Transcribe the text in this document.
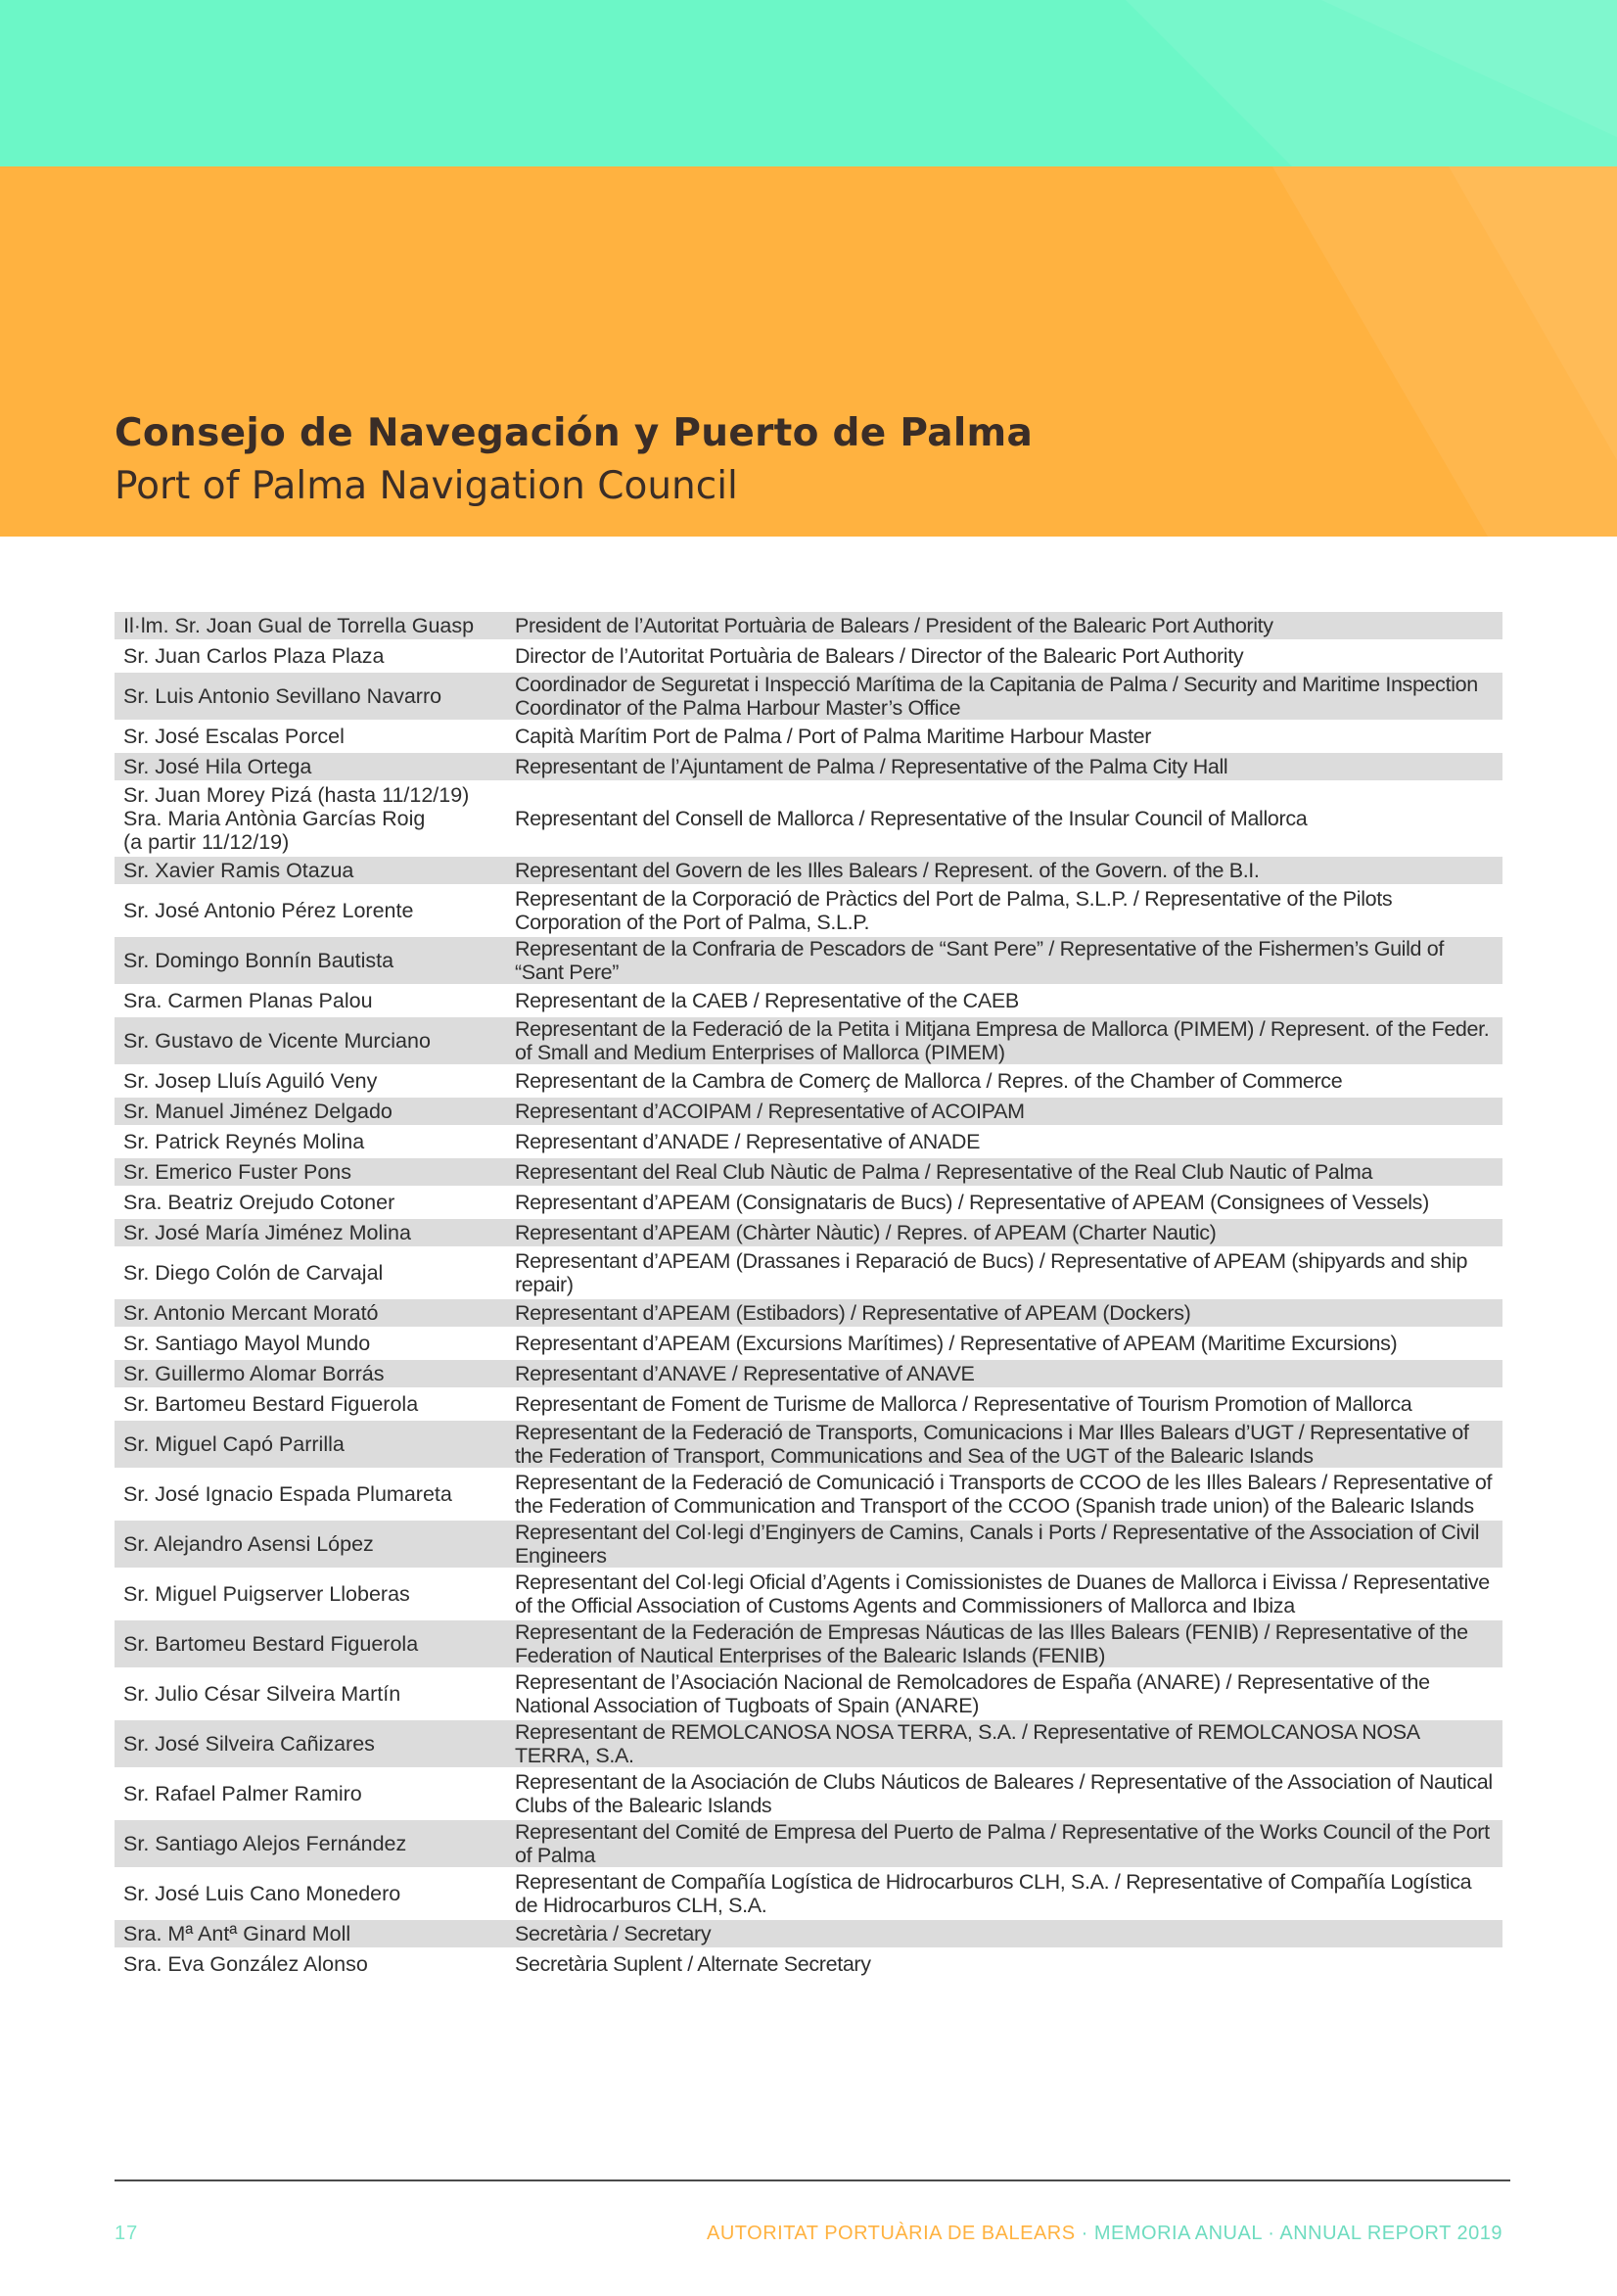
Consejo de Navegación y Puerto de Palma
Port of Palma Navigation Council
Il·lm. Sr. Joan Gual de Torrella Guasp	President de l’Autoritat Portuària de Balears / President of the Balearic Port Authority
Sr. Juan Carlos Plaza Plaza	Director de l’Autoritat Portuària de Balears / Director of the Balearic Port Authority
Sr. Luis Antonio Sevillano Navarro	Coordinador de Seguretat i Inspecció Marítima de la Capitania de Palma / Security and Maritime Inspection Coordinator of the Palma Harbour Master’s Office
Sr. José Escalas Porcel	Capità Marítim Port de Palma / Port of Palma Maritime Harbour Master
Sr. José Hila Ortega	Representant de l’Ajuntament de Palma / Representative of the Palma City Hall
Sr. Juan Morey Pizá (hasta 11/12/19)
Sra. Maria Antònia Garcías Roig
(a partir 11/12/19)	Representant del Consell de Mallorca / Representative of the Insular Council of Mallorca
Sr. Xavier Ramis Otazua	Representant del Govern de les Illes Balears / Represent. of the Govern. of the B.I.
Sr. José Antonio Pérez Lorente	Representant de la Corporació de Pràctics del Port de Palma, S.L.P. / Representative of the Pilots Corporation of the Port of Palma, S.L.P.
Sr. Domingo Bonnín Bautista	Representant de la Confraria de Pescadors de “Sant Pere” / Representative of the Fishermen’s Guild of “Sant Pere”
Sra. Carmen Planas Palou	Representant de la CAEB / Representative of the CAEB
Sr. Gustavo de Vicente Murciano	Representant de la Federació de la Petita i Mitjana Empresa de Mallorca (PIMEM) / Represent. of the Feder. of Small and Medium Enterprises of Mallorca (PIMEM)
Sr. Josep Lluís Aguiló Veny	Representant de la Cambra de Comerç de Mallorca / Repres. of the Chamber of Commerce
Sr. Manuel Jiménez Delgado	Representant d’ACOIPAM / Representative of ACOIPAM
Sr. Patrick Reynés Molina	Representant d’ANADE / Representative of ANADE
Sr. Emerico Fuster Pons	Representant del Real Club Nàutic de Palma / Representative of the Real Club Nautic of Palma
Sra. Beatriz Orejudo Cotoner	Representant d’APEAM (Consignataris de Bucs) / Representative of APEAM (Consignees of Vessels)
Sr. José María Jiménez Molina	Representant d’APEAM (Chàrter Nàutic) / Repres. of APEAM (Charter Nautic)
Sr. Diego Colón de Carvajal	Representant d’APEAM (Drassanes i Reparació de Bucs) / Representative of APEAM (shipyards and ship repair)
Sr. Antonio Mercant Morató	Representant d’APEAM (Estibadors) / Representative of APEAM (Dockers)
Sr. Santiago Mayol Mundo	Representant d’APEAM (Excursions Marítimes) / Representative of APEAM (Maritime Excursions)
Sr. Guillermo Alomar Borrás	Representant d’ANAVE / Representative of ANAVE
Sr. Bartomeu Bestard Figuerola	Representant de Foment de Turisme de Mallorca / Representative of Tourism Promotion of Mallorca
Sr. Miguel Capó Parrilla	Representant de la Federació de Transports, Comunicacions i Mar Illes Balears d’UGT / Representative of the Federation of Transport, Communications and Sea of the UGT of the Balearic Islands
Sr. José Ignacio Espada Plumareta	Representant de la Federació de Comunicació i Transports de CCOO de les Illes Balears / Representative of the Federation of Communication and Transport of the CCOO (Spanish trade union) of the Balearic Islands
Sr. Alejandro Asensi López	Representant del Col·legi d’Enginyers de Camins, Canals i Ports / Representative of the Association of Civil Engineers
Sr. Miguel Puigserver Lloberas	Representant del Col·legi Oficial d’Agents i Comissionistes de Duanes de Mallorca i Eivissa / Representative of the Official Association of Customs Agents and Commissioners of Mallorca and Ibiza
Sr. Bartomeu Bestard Figuerola	Representant de la Federación de Empresas Náuticas de las Illes Balears (FENIB) / Representative of the Federation of Nautical Enterprises of the Balearic Islands (FENIB)
Sr. Julio César Silveira Martín	Representant de l’Asociación Nacional de Remolcadores de España (ANARE) / Representative of the National Association of Tugboats of Spain (ANARE)
Sr. José Silveira Cañizares	Representant de REMOLCANOSA NOSA TERRA, S.A. / Representative of REMOLCANOSA NOSA TERRA, S.A.
Sr. Rafael Palmer Ramiro	Representant de la Asociación de Clubs Náuticos de Baleares / Representative of the Association of Nautical Clubs of the Balearic Islands
Sr. Santiago Alejos Fernández	Representant del Comité de Empresa del Puerto de Palma / Representative of the Works Council of the Port of Palma
Sr. José Luis Cano Monedero	Representant de Compañía Logística de Hidrocarburos CLH, S.A. / Representative of Compañía Logística de Hidrocarburos CLH, S.A.
Sra. Mª Antª Ginard Moll	Secretària / Secretary
Sra. Eva González Alonso	Secretària Suplent / Alternate Secretary
17	AUTORITAT PORTUÀRIA DE BALEARS · MEMORIA ANUAL · ANNUAL REPORT 2019
